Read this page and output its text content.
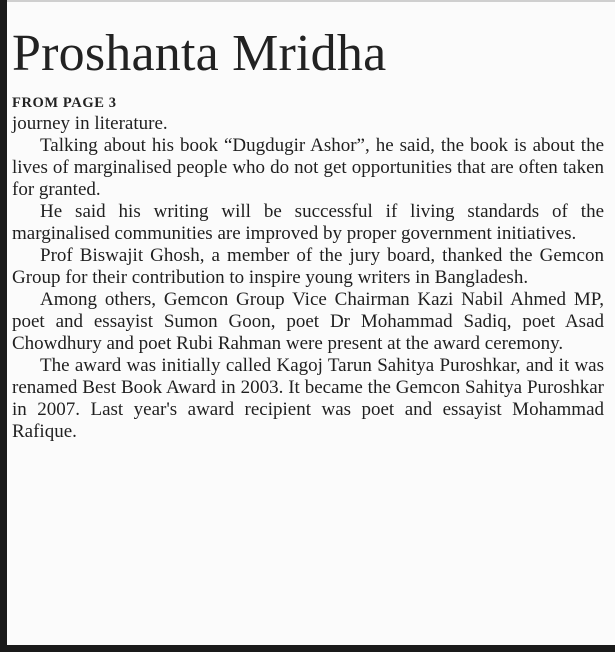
Proshanta Mridha
FROM PAGE 3

journey in literature.

Talking about his book “Dugdugir Ashor”, he said, the book is about the lives of marginalised people who do not get opportunities that are often taken for granted.

He said his writing will be successful if living standards of the marginalised communities are improved by proper government initiatives.

Prof Biswajit Ghosh, a member of the jury board, thanked the Gemcon Group for their contribution to inspire young writers in Bangladesh.

Among others, Gemcon Group Vice Chairman Kazi Nabil Ahmed MP, poet and essayist Sumon Goon, poet Dr Mohammad Sadiq, poet Asad Chowdhury and poet Rubi Rahman were present at the award ceremony.

The award was initially called Kagoj Tarun Sahitya Puroshkar, and it was renamed Best Book Award in 2003. It became the Gemcon Sahitya Puroshkar in 2007. Last year's award recipient was poet and essayist Mohammad Rafique.
